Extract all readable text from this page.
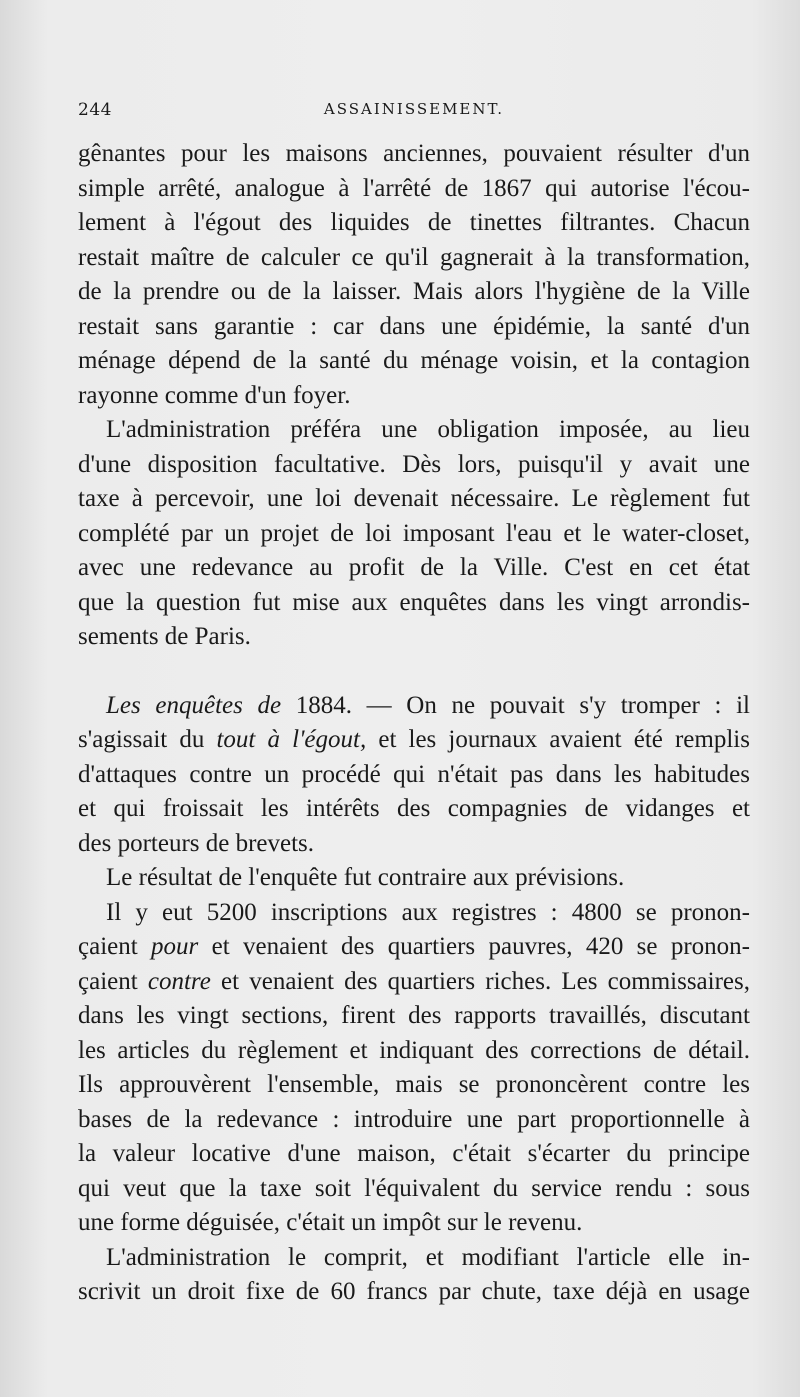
244	ASSAINISSEMENT.

gênantes pour les maisons anciennes, pouvaient résulter d'un

simple arrêté, analogue à l'arrêté de 1867 qui autorise l'écou-

lement à l'égout des liquides de tinettes filtrantes. Chacun

restait maître de calculer ce qu'il gagnerait à la transformation,

de la prendre ou de la laisser. Mais alors l'hygiène de la Ville

restait sans garantie : car dans une épidémie, la santé d'un

ménage dépend de la santé du ménage voisin, et la contagion

rayonne comme d'un foyer.

L'administration préféra une obligation imposée, au lieu

d'une disposition facultative. Dès lors, puisqu'il y avait une

taxe à percevoir, une loi devenait nécessaire. Le règlement fut

complété par un projet de loi imposant l'eau et le water-closet,

avec une redevance au profit de la Ville. C'est en cet état

que la question fut mise aux enquêtes dans les vingt arrondis-

sements de Paris.

Les enquêtes de 1884. — On ne pouvait s'y tromper : il

s'agissait du tout à l'égout, et les journaux avaient été remplis

d'attaques contre un procédé qui n'était pas dans les habitudes

et qui froissait les intérêts des compagnies de vidanges et

des porteurs de brevets.

Le résultat de l'enquête fut contraire aux prévisions.

Il y eut 5200 inscriptions aux registres : 4800 se pronon-

çaient pour et venaient des quartiers pauvres, 420 se pronon-

çaient contre et venaient des quartiers riches. Les commissaires,

dans les vingt sections, firent des rapports travaillés, discutant

les articles du règlement et indiquant des corrections de détail.

Ils approuvèrent l'ensemble, mais se prononcèrent contre les

bases de la redevance : introduire une part proportionnelle à

la valeur locative d'une maison, c'était s'écarter du principe

qui veut que la taxe soit l'équivalent du service rendu : sous

une forme déguisée, c'était un impôt sur le revenu.

L'administration le comprit, et modifiant l'article elle in-

scrivit un droit fixe de 60 francs par chute, taxe déjà en usage
